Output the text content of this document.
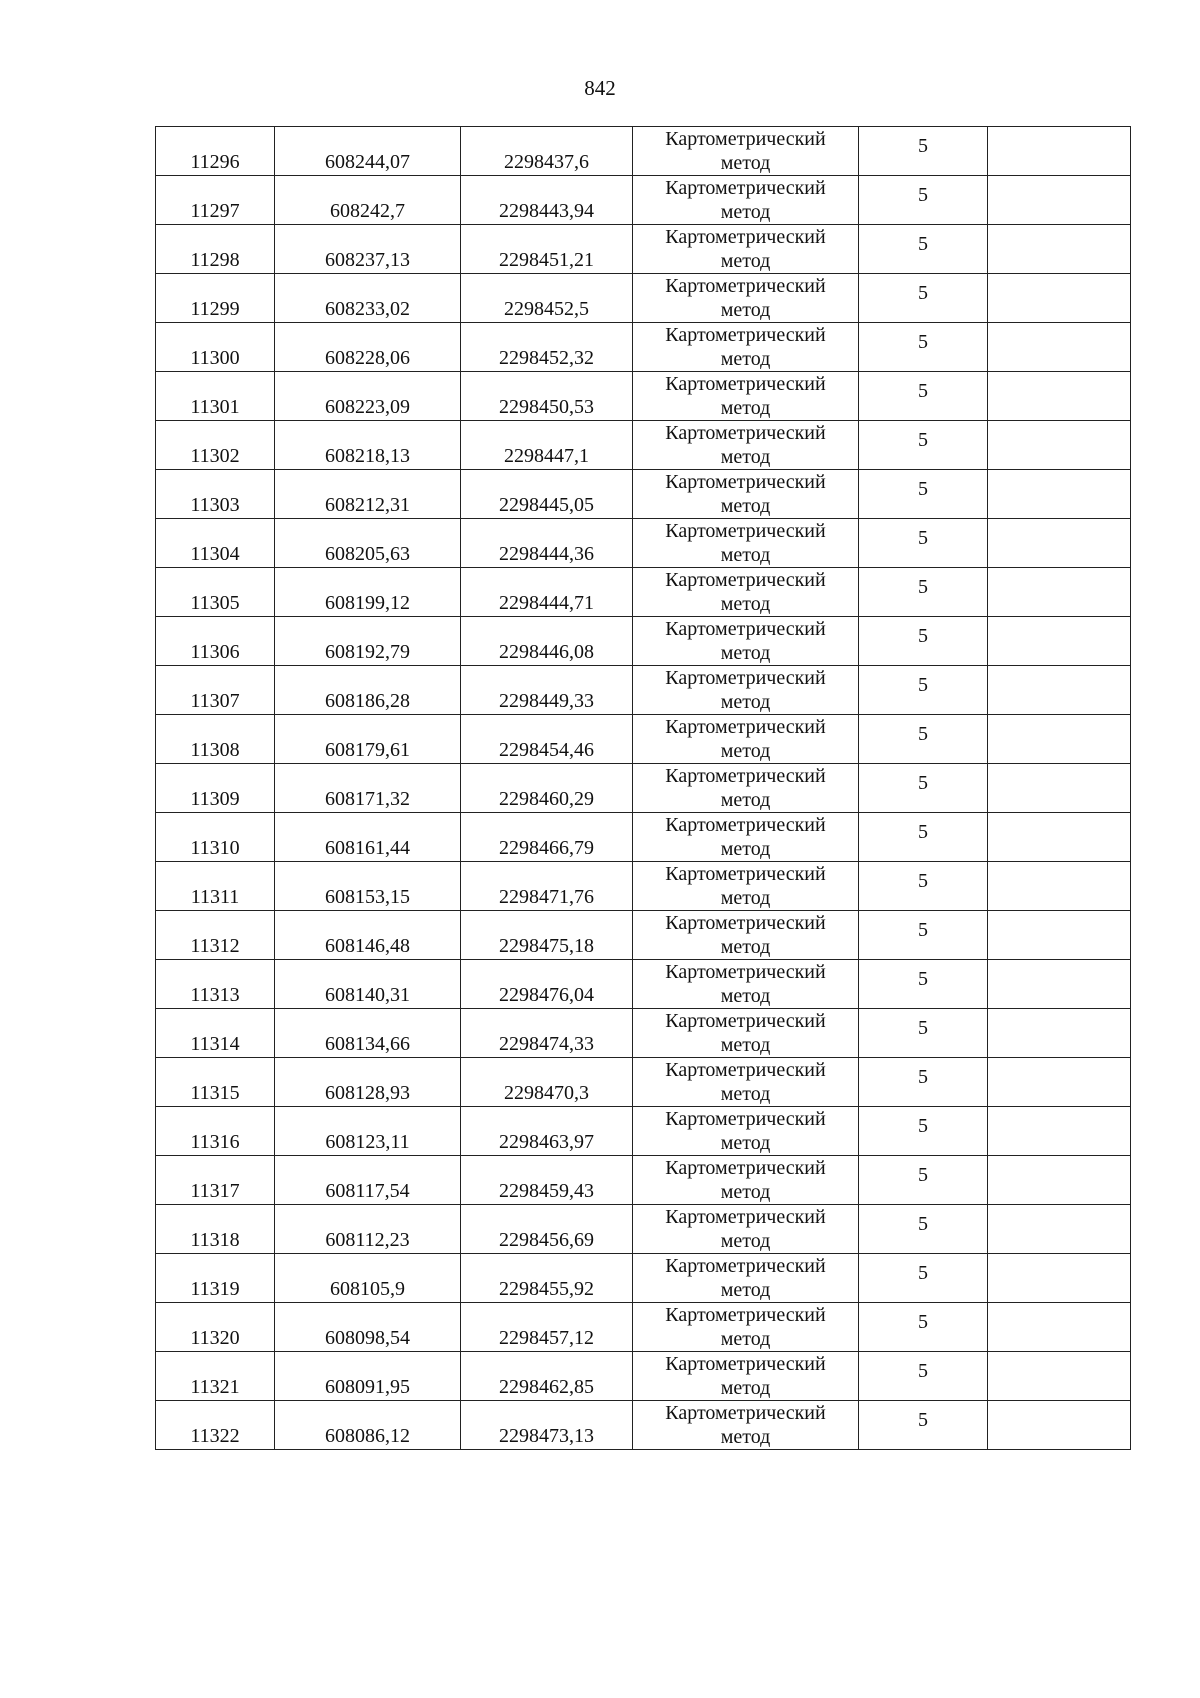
842
11296	608244,07	2298437,6	Картометрический
метод	5	
11297	608242,7	2298443,94	Картометрический
метод	5	
11298	608237,13	2298451,21	Картометрический
метод	5	
11299	608233,02	2298452,5	Картометрический
метод	5	
11300	608228,06	2298452,32	Картометрический
метод	5	
11301	608223,09	2298450,53	Картометрический
метод	5	
11302	608218,13	2298447,1	Картометрический
метод	5	
11303	608212,31	2298445,05	Картометрический
метод	5	
11304	608205,63	2298444,36	Картометрический
метод	5	
11305	608199,12	2298444,71	Картометрический
метод	5	
11306	608192,79	2298446,08	Картометрический
метод	5	
11307	608186,28	2298449,33	Картометрический
метод	5	
11308	608179,61	2298454,46	Картометрический
метод	5	
11309	608171,32	2298460,29	Картометрический
метод	5	
11310	608161,44	2298466,79	Картометрический
метод	5	
11311	608153,15	2298471,76	Картометрический
метод	5	
11312	608146,48	2298475,18	Картометрический
метод	5	
11313	608140,31	2298476,04	Картометрический
метод	5	
11314	608134,66	2298474,33	Картометрический
метод	5	
11315	608128,93	2298470,3	Картометрический
метод	5	
11316	608123,11	2298463,97	Картометрический
метод	5	
11317	608117,54	2298459,43	Картометрический
метод	5	
11318	608112,23	2298456,69	Картометрический
метод	5	
11319	608105,9	2298455,92	Картометрический
метод	5	
11320	608098,54	2298457,12	Картометрический
метод	5	
11321	608091,95	2298462,85	Картометрический
метод	5	
11322	608086,12	2298473,13	Картометрический
метод	5	
